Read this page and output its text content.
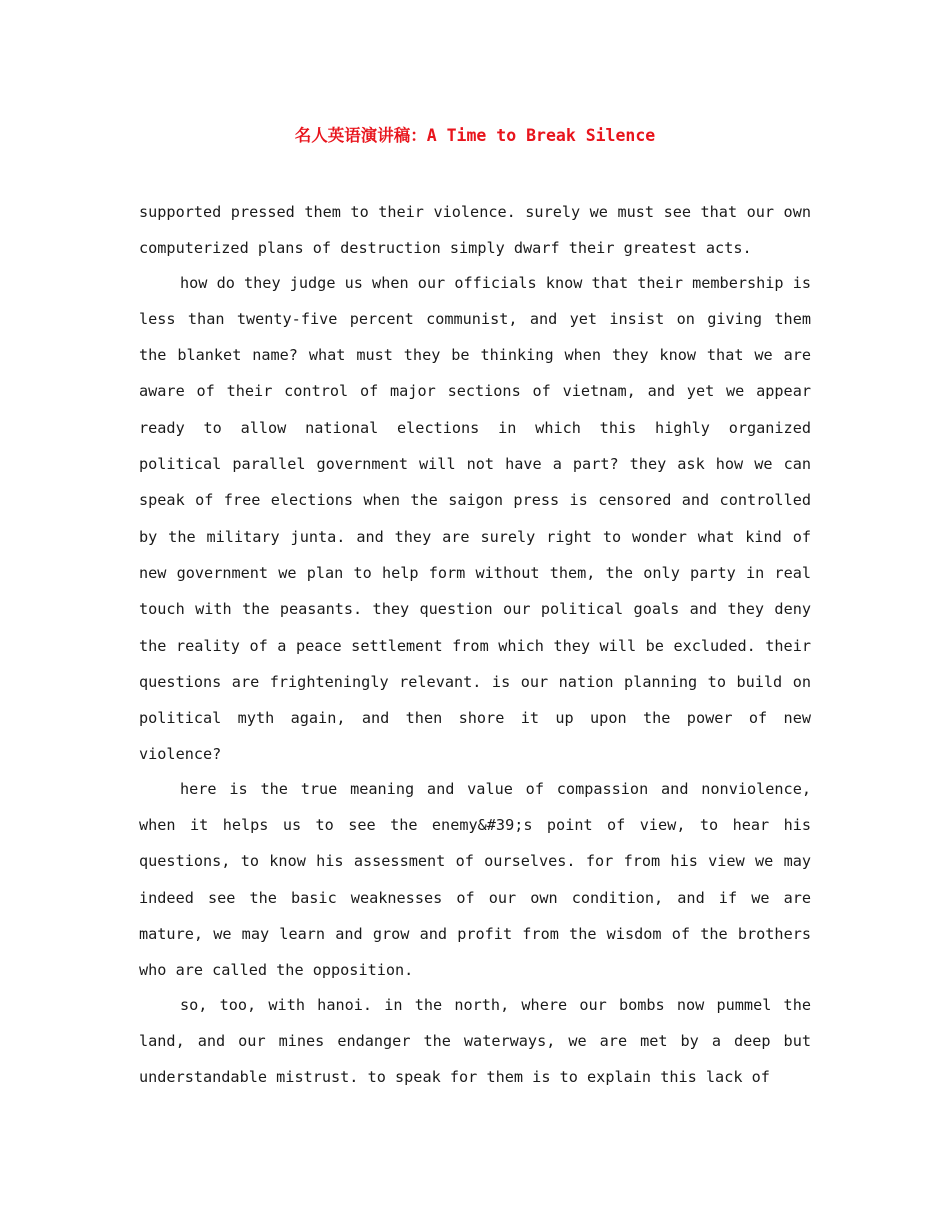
名人英语演讲稿：A Time to Break Silence

supported pressed them to their violence. surely we must see that our own computerized plans of destruction simply dwarf their greatest acts.

how do they judge us when our officials know that their membership is less than twenty-five percent communist, and yet insist on giving them the blanket name? what must they be thinking when they know that we are aware of their control of major sections of vietnam, and yet we appear ready to allow national elections in which this highly organized political parallel government will not have a part? they ask how we can speak of free elections when the saigon press is censored and controlled by the military junta. and they are surely right to wonder what kind of new government we plan to help form without them, the only party in real touch with the peasants. they question our political goals and they deny the reality of a peace settlement from which they will be excluded. their questions are frighteningly relevant. is our nation planning to build on political myth again, and then shore it up upon the power of new violence?

here is the true meaning and value of compassion and nonviolence, when it helps us to see the enemy&#39;s point of view, to hear his questions, to know his assessment of ourselves. for from his view we may indeed see the basic weaknesses of our own condition, and if we are mature, we may learn and grow and profit from the wisdom of the brothers who are called the opposition.

so, too, with hanoi. in the north, where our bombs now pummel the land, and our mines endanger the waterways, we are met by a deep but understandable mistrust. to speak for them is to explain this lack of
